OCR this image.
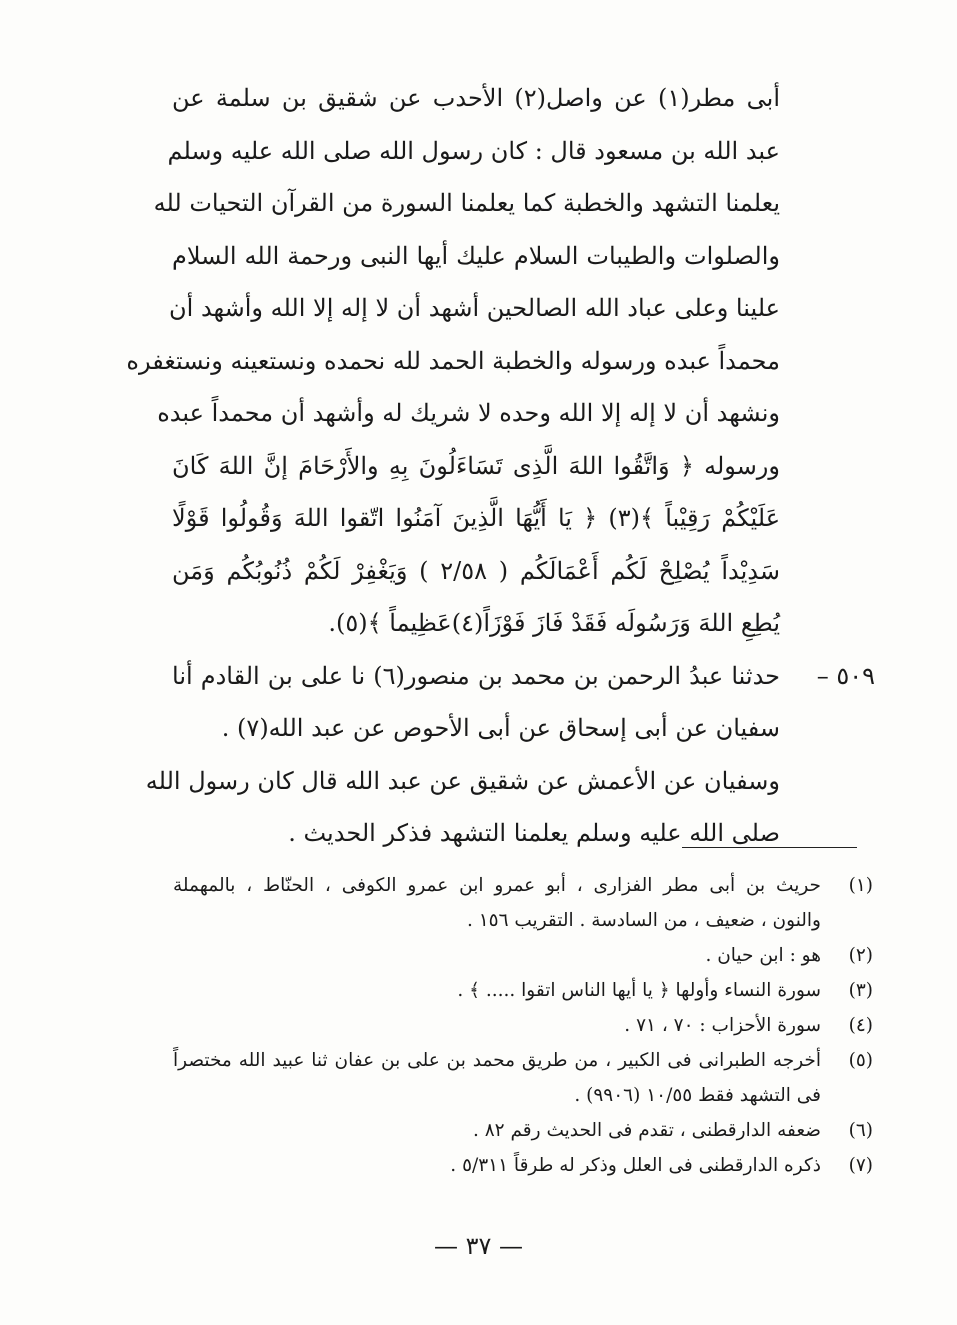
أبى مطر(١) عن واصل(٢) الأحدب عن شقيق بن سلمة عن
عبد الله بن مسعود قال : كان رسول الله صلى الله عليه وسلم
يعلمنا التشهد والخطبة كما يعلمنا السورة من القرآن التحيات لله
والصلوات والطيبات السلام عليك أيها النبى ورحمة الله السلام
علينا وعلى عباد الله الصالحين أشهد أن لا إله إلا الله وأشهد أن
محمداً عبده ورسوله والخطبة الحمد لله نحمده ونستعينه ونستغفره
ونشهد أن لا إله إلا الله وحده لا شريك له وأشهد أن محمداً عبده
ورسوله ﴿ وَاتَّقُوا اللهَ الَّذِى تَسَاءَلُونَ بِهِ والأَرْحَامَ إنَّ اللهَ كَانَ
عَلَيْكُمْ رَقِيْباً ﴾(٣) ﴿ يَا أَيُّهَا الَّذِينَ آمَنُوا اتّقوا اللهَ وَقُولُوا قَوْلًا
سَدِيْداً يُصْلِحْ لَكُم أَعْمَالَكُم ( ٢/٥٨ ) وَيَغْفِرْ لَكُمْ ذُنُوبُكُم وَمَن
يُطِعِ اللهَ وَرَسُولَه فَقَدْ فَازَ فَوْزَاً(٤)عَظِيماً ﴾(٥).
٥٠٩ –
حدثنا عبدُ الرحمن بن محمد بن منصور(٦) نا على بن القادم أنا
سفيان عن أبى إسحاق عن أبى الأحوص عن عبد الله(٧) .
وسفيان عن الأعمش عن شقيق عن عبد الله قال كان رسول الله
صلى الله عليه وسلم يعلمنا التشهد فذكر الحديث .
(١)
حريث بن أبى مطر الفزارى ، أبو عمرو ابن عمرو الكوفى ، الحنّاط ، بالمهملة
والنون ، ضعيف ، من السادسة . التقريب ١٥٦ .
(٢)
هو : ابن حيان .
(٣)
سورة النساء وأولها ﴿ يا أيها الناس اتقوا ..... ﴾ .
(٤)
سورة الأحزاب : ٧٠ ، ٧١ .
(٥)
أخرجه الطبرانى فى الكبير ، من طريق محمد بن على بن عفان ثنا عبيد الله مختصراً
فى التشهد فقط ١٠/٥٥ (٩٩٠٦) .
(٦)
ضعفه الدارقطنى ، تقدم فى الحديث رقم ٨٢ .
(٧)
ذكره الدارقطنى فى العلل وذكر له طرقاً ٥/٣١١ .
— ٣٧ —
